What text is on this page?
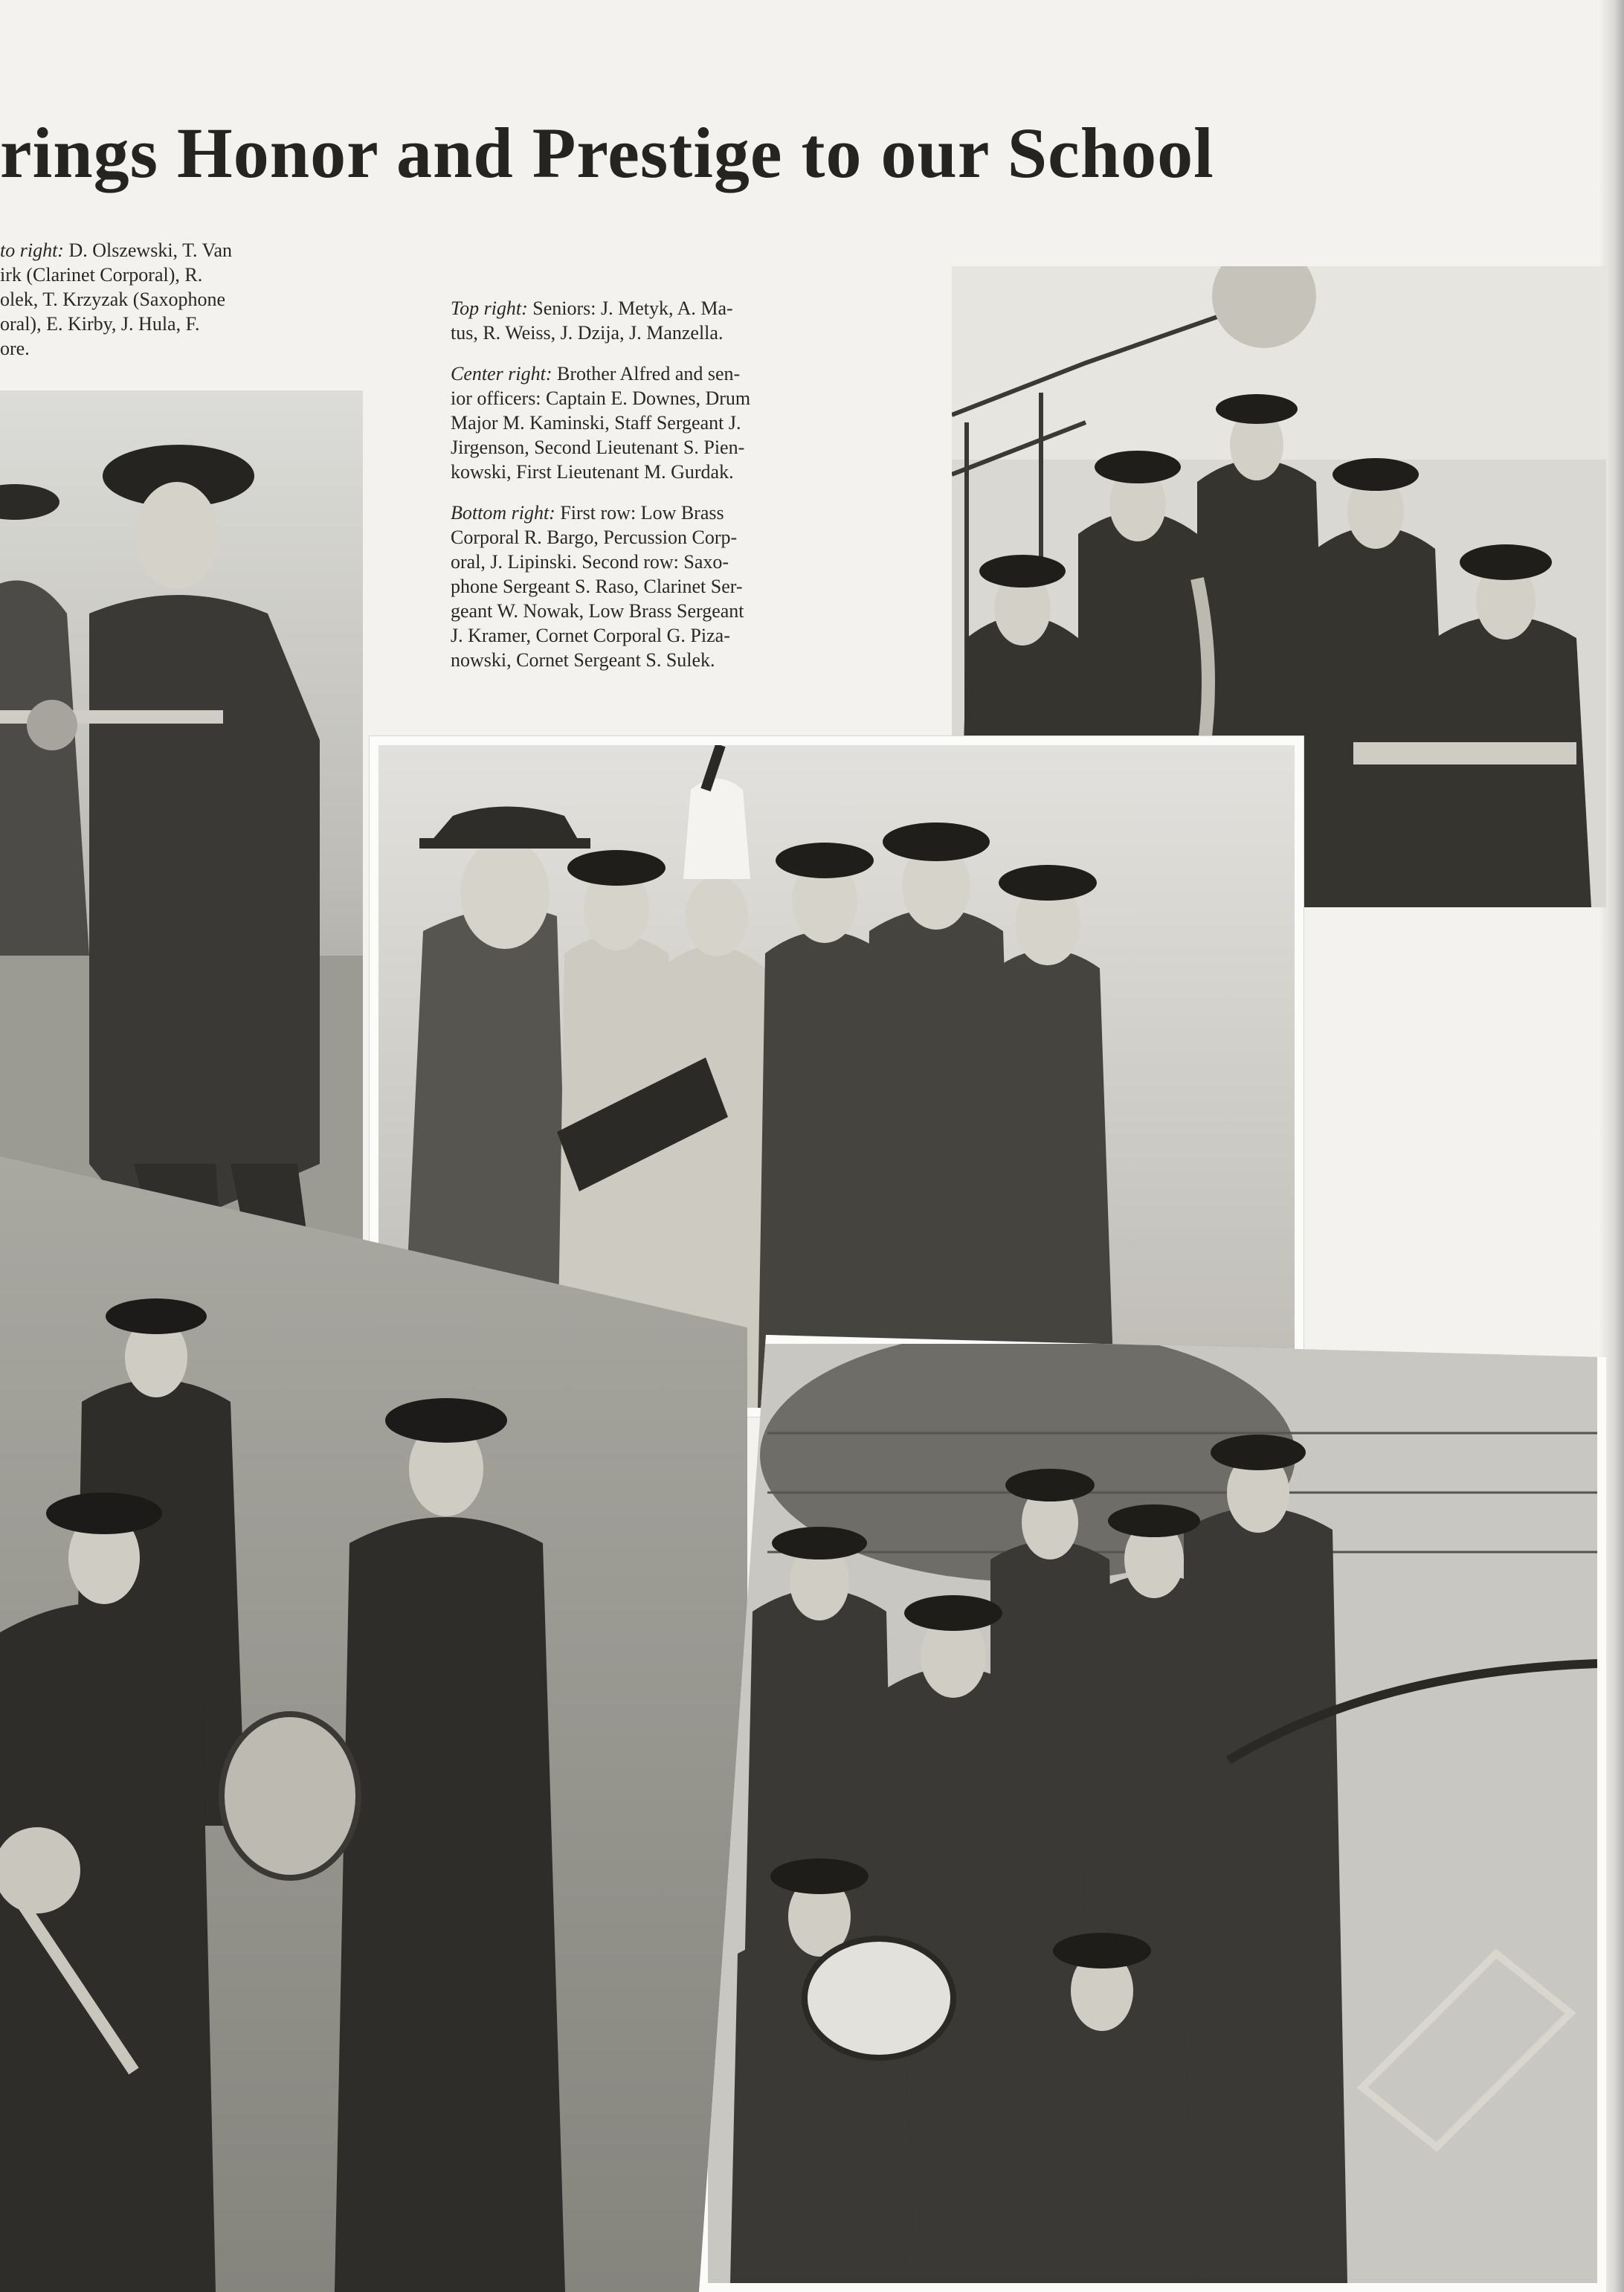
rings Honor and Prestige to our School

to right: D. Olszewski, T. Van
irk (Clarinet Corporal), R.
olek, T. Krzyzak (Saxophone
oral), E. Kirby, J. Hula, F.
ore.

Top right: Seniors: J. Metyk, A. Ma-
tus, R. Weiss, J. Dzija, J. Manzella.

Center right: Brother Alfred and sen-
ior officers: Captain E. Downes, Drum
Major M. Kaminski, Staff Sergeant J.
Jirgenson, Second Lieutenant S. Pien-
kowski, First Lieutenant M. Gurdak.

Bottom right: First row: Low Brass
Corporal R. Bargo, Percussion Corp-
oral, J. Lipinski. Second row: Saxo-
phone Sergeant S. Raso, Clarinet Ser-
geant W. Nowak, Low Brass Sergeant
J. Kramer, Cornet Corporal G. Piza-
nowski, Cornet Sergeant S. Sulek.
